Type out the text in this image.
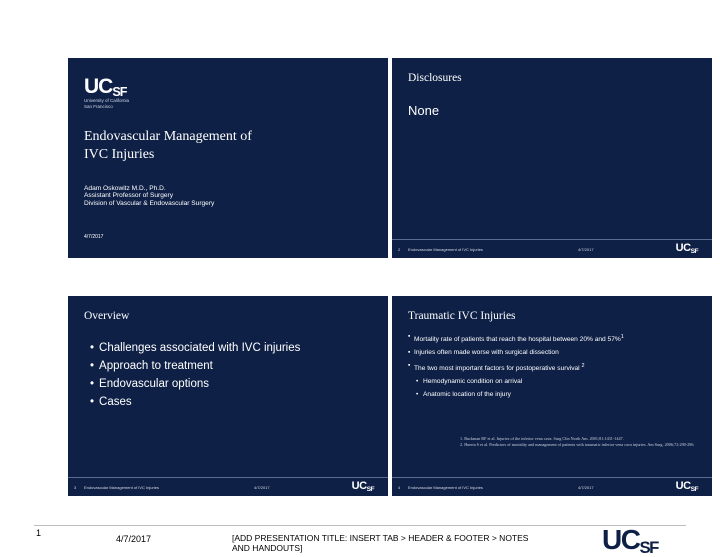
UCSF
University of California
San Francisco
Endovascular Management of
IVC Injuries
Adam Oskowitz M.D., Ph.D.
Assistant Professor of Surgery
Division of Vascular & Endovascular Surgery
4/7/2017
Disclosures
None
2 Endovascular Management of IVC Injuries	4/7/2017	UCSF
Overview
• Challenges associated with IVC injuries
• Approach to treatment
• Endovascular options
• Cases
3 Endovascular Management of IVC Injuries	4/7/2017	UCSF
Traumatic IVC Injuries
▪ Mortality rate of patients that reach the hospital between 20% and 57%$^1$
▪ Injuries often made worse with surgical dissection
▪ The two most important factors for postoperative survival $^2$
• Hemodynamic condition on arrival
• Anatomic location of the injury
1. Buckman RF et al. Injuries of the inferior vena cava. Surg Clin North Am. 2001;81:1431-1447.
2. Huerta S et al. Predictors of mortality and management of patients with traumatic inferior vena cava injuries. Am Surg. 2006;72:290-296.
4 Endovascular Management of IVC Injuries	4/7/2017	UCSF
1
4/7/2017	[ADD PRESENTATION TITLE: INSERT TAB > HEADER & FOOTER > NOTES AND HANDOUTS]	UCSF
